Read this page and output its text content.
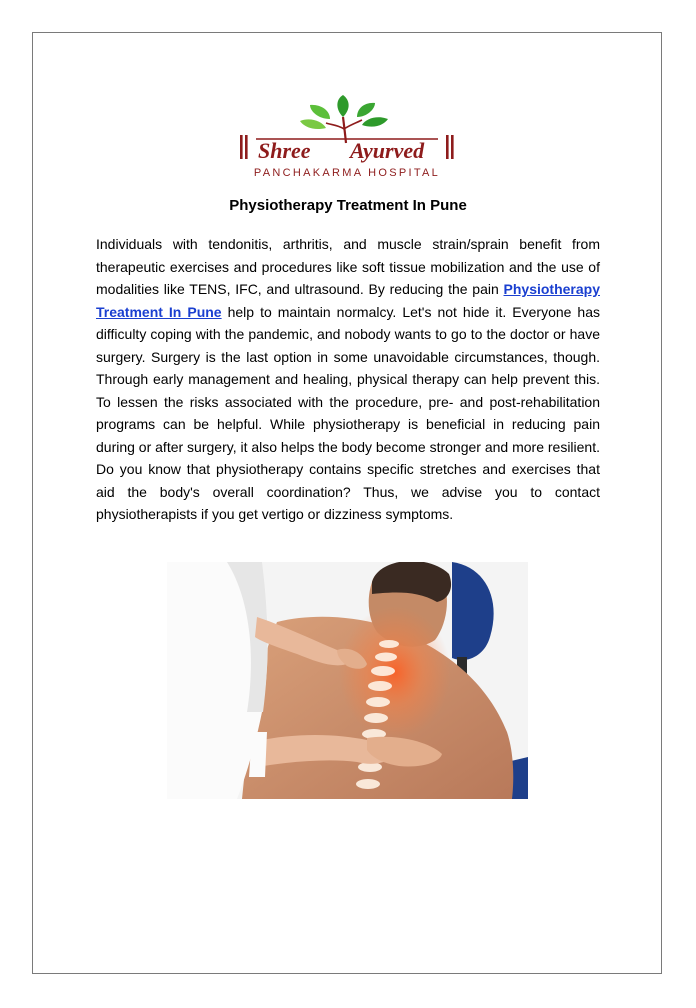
Shree Ayurved
PANCHAKARMA HOSPITAL
Physiotherapy Treatment In Pune

Individuals with tendonitis, arthritis, and muscle strain/sprain benefit from therapeutic exercises and procedures like soft tissue mobilization and the use of modalities like TENS, IFC, and ultrasound. By reducing the pain Physiotherapy Treatment In Pune help to maintain normalcy. Let's not hide it. Everyone has difficulty coping with the pandemic, and nobody wants to go to the doctor or have surgery. Surgery is the last option in some unavoidable circumstances, though. Through early management and healing, physical therapy can help prevent this. To lessen the risks associated with the procedure, pre- and post-rehabilitation programs can be helpful. While physiotherapy is beneficial in reducing pain during or after surgery, it also helps the body become stronger and more resilient. Do you know that physiotherapy contains specific stretches and exercises that aid the body's overall coordination? Thus, we advise you to contact physiotherapists if you get vertigo or dizziness symptoms.
